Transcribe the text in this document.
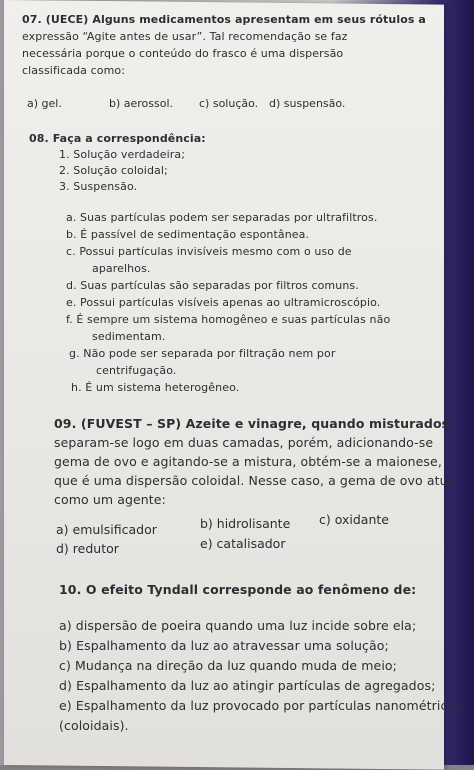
07. (UECE) Alguns medicamentos apresentam em seus rótulos a
expressão “Agite antes de usar”. Tal recomendação se faz
necessária porque o conteúdo do frasco é uma dispersão
classificada como:
a) gel.	b) aerossol. c) solução. d) suspensão.
08. Faça a correspondência:
1. Solução verdadeira;
2. Solução coloidal;
3. Suspensão.
a. Suas partículas podem ser separadas por ultrafiltros.
b. É passível de sedimentação espontânea.
c. Possui partículas invisíveis mesmo com o uso de
aparelhos.
d. Suas partículas são separadas por filtros comuns.
e. Possui partículas visíveis apenas ao ultramicroscópio.
f. É sempre um sistema homogêneo e suas partículas não
sedimentam.
g. Não pode ser separada por filtração nem por
centrifugação.
h. É um sistema heterogêneo.
09. (FUVEST – SP) Azeite e vinagre, quando misturados,
separam-se logo em duas camadas, porém, adicionando-se
gema de ovo e agitando-se a mistura, obtém-se a maionese,
que é uma dispersão coloidal. Nesse caso, a gema de ovo atua
como um agente:
a) emulsificador	b) hidrolisante c) oxidante
d) redutor	e) catalisador
10. O efeito Tyndall corresponde ao fenômeno de:
a) dispersão de poeira quando uma luz incide sobre ela;
b) Espalhamento da luz ao atravessar uma solução;
c) Mudança na direção da luz quando muda de meio;
d) Espalhamento da luz ao atingir partículas de agregados;
e) Espalhamento da luz provocado por partículas nanométricas
(coloidais).
